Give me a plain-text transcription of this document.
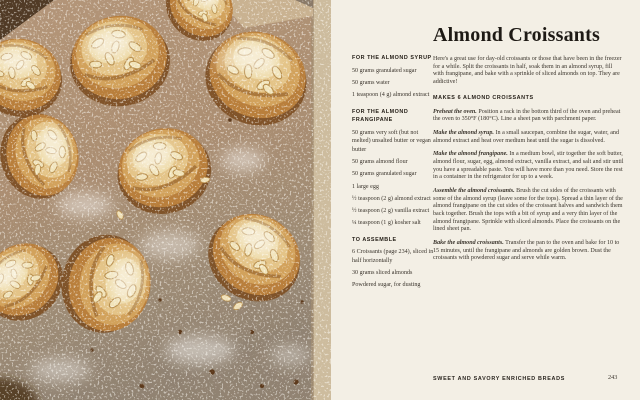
FOR THE ALMOND SYRUP

50 grams granulated sugar

50 grams water

1 teaspoon (4 g) almond extract

FOR THE ALMOND FRANGIPANE

50 grams very soft (but not melted) unsalted butter or vegan butter

50 grams almond flour

50 grams granulated sugar

1 large egg

½ teaspoon (2 g) almond extract

½ teaspoon (2 g) vanilla extract

¼ teaspoon (1 g) kosher salt

TO ASSEMBLE

6 Croissants (page 234), sliced in half horizontally

30 grams sliced almonds

Powdered sugar, for dusting

Almond Croissants

Here's a great use for day-old croissants or those that have been in the freezer for a while. Split the croissants in half, soak them in an almond syrup, fill with frangipane, and bake with a sprinkle of sliced almonds on top. They are addictive!

MAKES 6 ALMOND CROISSANTS

Preheat the oven. Position a rack in the bottom third of the oven and preheat the oven to 350°F (180°C). Line a sheet pan with parchment paper.

Make the almond syrup. In a small saucepan, combine the sugar, water, and almond extract and heat over medium heat until the sugar is dissolved.

Make the almond frangipane. In a medium bowl, stir together the soft butter, almond flour, sugar, egg, almond extract, vanilla extract, and salt and stir until you have a spreadable paste. You will have more than you need. Store the rest in a container in the refrigerator for up to a week.

Assemble the almond croissants. Brush the cut sides of the croissants with some of the almond syrup (leave some for the tops). Spread a thin layer of the almond frangipane on the cut sides of the croissant halves and sandwich them back together. Brush the tops with a bit of syrup and a very thin layer of the almond frangipane. Sprinkle with sliced almonds. Place the croissants on the lined sheet pan.

Bake the almond croissants. Transfer the pan to the oven and bake for 10 to 15 minutes, until the frangipane and almonds are golden brown. Dust the croissants with powdered sugar and serve while warm.

SWEET AND SAVORY ENRICHED BREADS	243
